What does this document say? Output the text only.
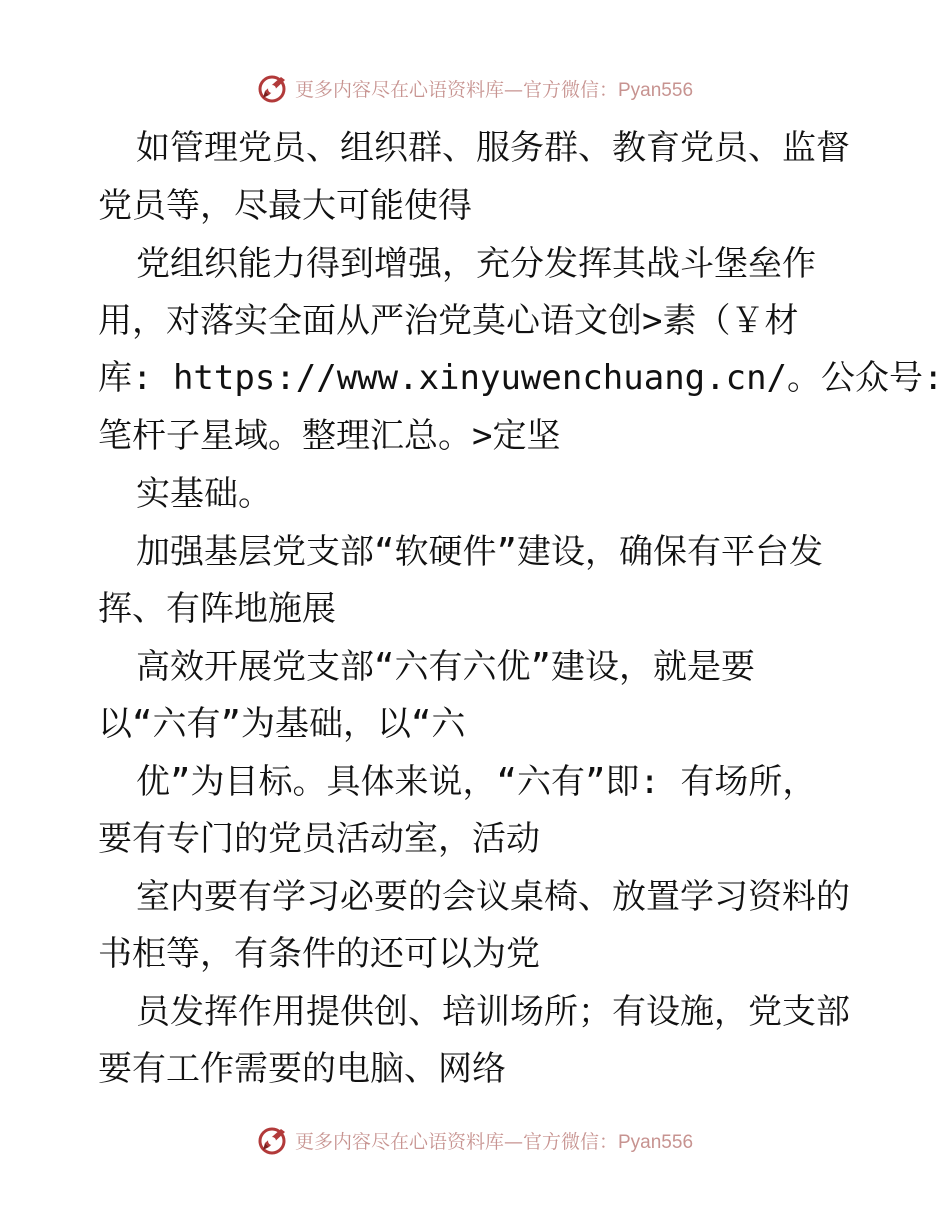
更多内容尽在心语资料库—官方微信：Pyan556
如管理党员、组织群、服务群、教育党员、监督
党员等，尽最大可能使得
党组织能力得到增强，充分发挥其战斗堡垒作
用，对落实全面从严治党莫心语文创>素（￥材
库: https://www.xinyuwenchuang.cn/。公众号:
笔杆子星域。整理汇总。>定坚
实基础。
加强基层党支部“软硬件”建设，确保有平台发
挥、有阵地施展
高效开展党支部“六有六优”建设，就是要
以“六有”为基础，以“六
优”为目标。具体来说，“六有”即: 有场所，
要有专门的党员活动室，活动
室内要有学习必要的会议桌椅、放置学习资料的
书柜等，有条件的还可以为党
员发挥作用提供创、培训场所；有设施，党支部
要有工作需要的电脑、网络
更多内容尽在心语资料库—官方微信：Pyan556
